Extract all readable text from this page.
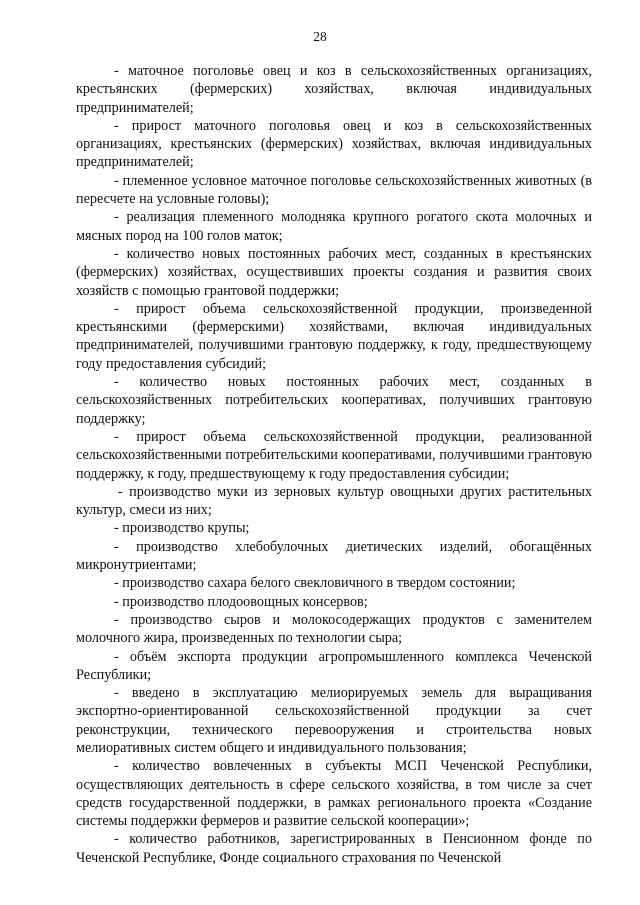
28

- маточное поголовье овец и коз в сельскохозяйственных организациях, крестьянских (фермерских) хозяйствах, включая индивидуальных предпринимателей;

- прирост маточного поголовья овец и коз в сельскохозяйственных организациях, крестьянских (фермерских) хозяйствах, включая индивидуальных предпринимателей;

- племенное условное маточное поголовье сельскохозяйственных животных (в пересчете на условные головы);

- реализация племенного молодняка крупного рогатого скота молочных и мясных пород на 100 голов маток;

- количество новых постоянных рабочих мест, созданных в крестьянских (фермерских) хозяйствах, осуществивших проекты создания и развития своих хозяйств с помощью грантовой поддержки;

- прирост объема сельскохозяйственной продукции, произведенной крестьянскими (фермерскими) хозяйствами, включая индивидуальных предпринимателей, получившими грантовую поддержку, к году, предшествующему году предоставления субсидий;

- количество новых постоянных рабочих мест, созданных в сельскохозяйственных потребительских кооперативах, получивших грантовую поддержку;

- прирост объема сельскохозяйственной продукции, реализованной сельскохозяйственными потребительскими кооперативами, получившими грантовую поддержку, к году, предшествующему к году предоставления субсидии;

- производство муки из зерновых культур овощныхи других растительных культур, смеси из них;

- производство крупы;

- производство хлебобулочных диетических изделий, обогащённых микронутриентами;

- производство сахара белого свекловичного в твердом состоянии;

- производство плодоовощных консервов;

- производство сыров и молокосодержащих продуктов с заменителем молочного жира, произведенных по технологии сыра;

- объём экспорта продукции агропромышленного комплекса Чеченской Республики;

- введено в эксплуатацию мелиорируемых земель для выращивания экспортно-ориентированной сельскохозяйственной продукции за счет реконструкции, технического перевооружения и строительства новых мелиоративных систем общего и индивидуального пользования;

- количество вовлеченных в субъекты МСП Чеченской Республики, осуществляющих деятельность в сфере сельского хозяйства, в том числе за счет средств государственной поддержки, в рамках регионального проекта «Создание системы поддержки фермеров и развитие сельской кооперации»;

- количество работников, зарегистрированных в Пенсионном фонде по Чеченской Республике, Фонде социального страхования по Чеченской
